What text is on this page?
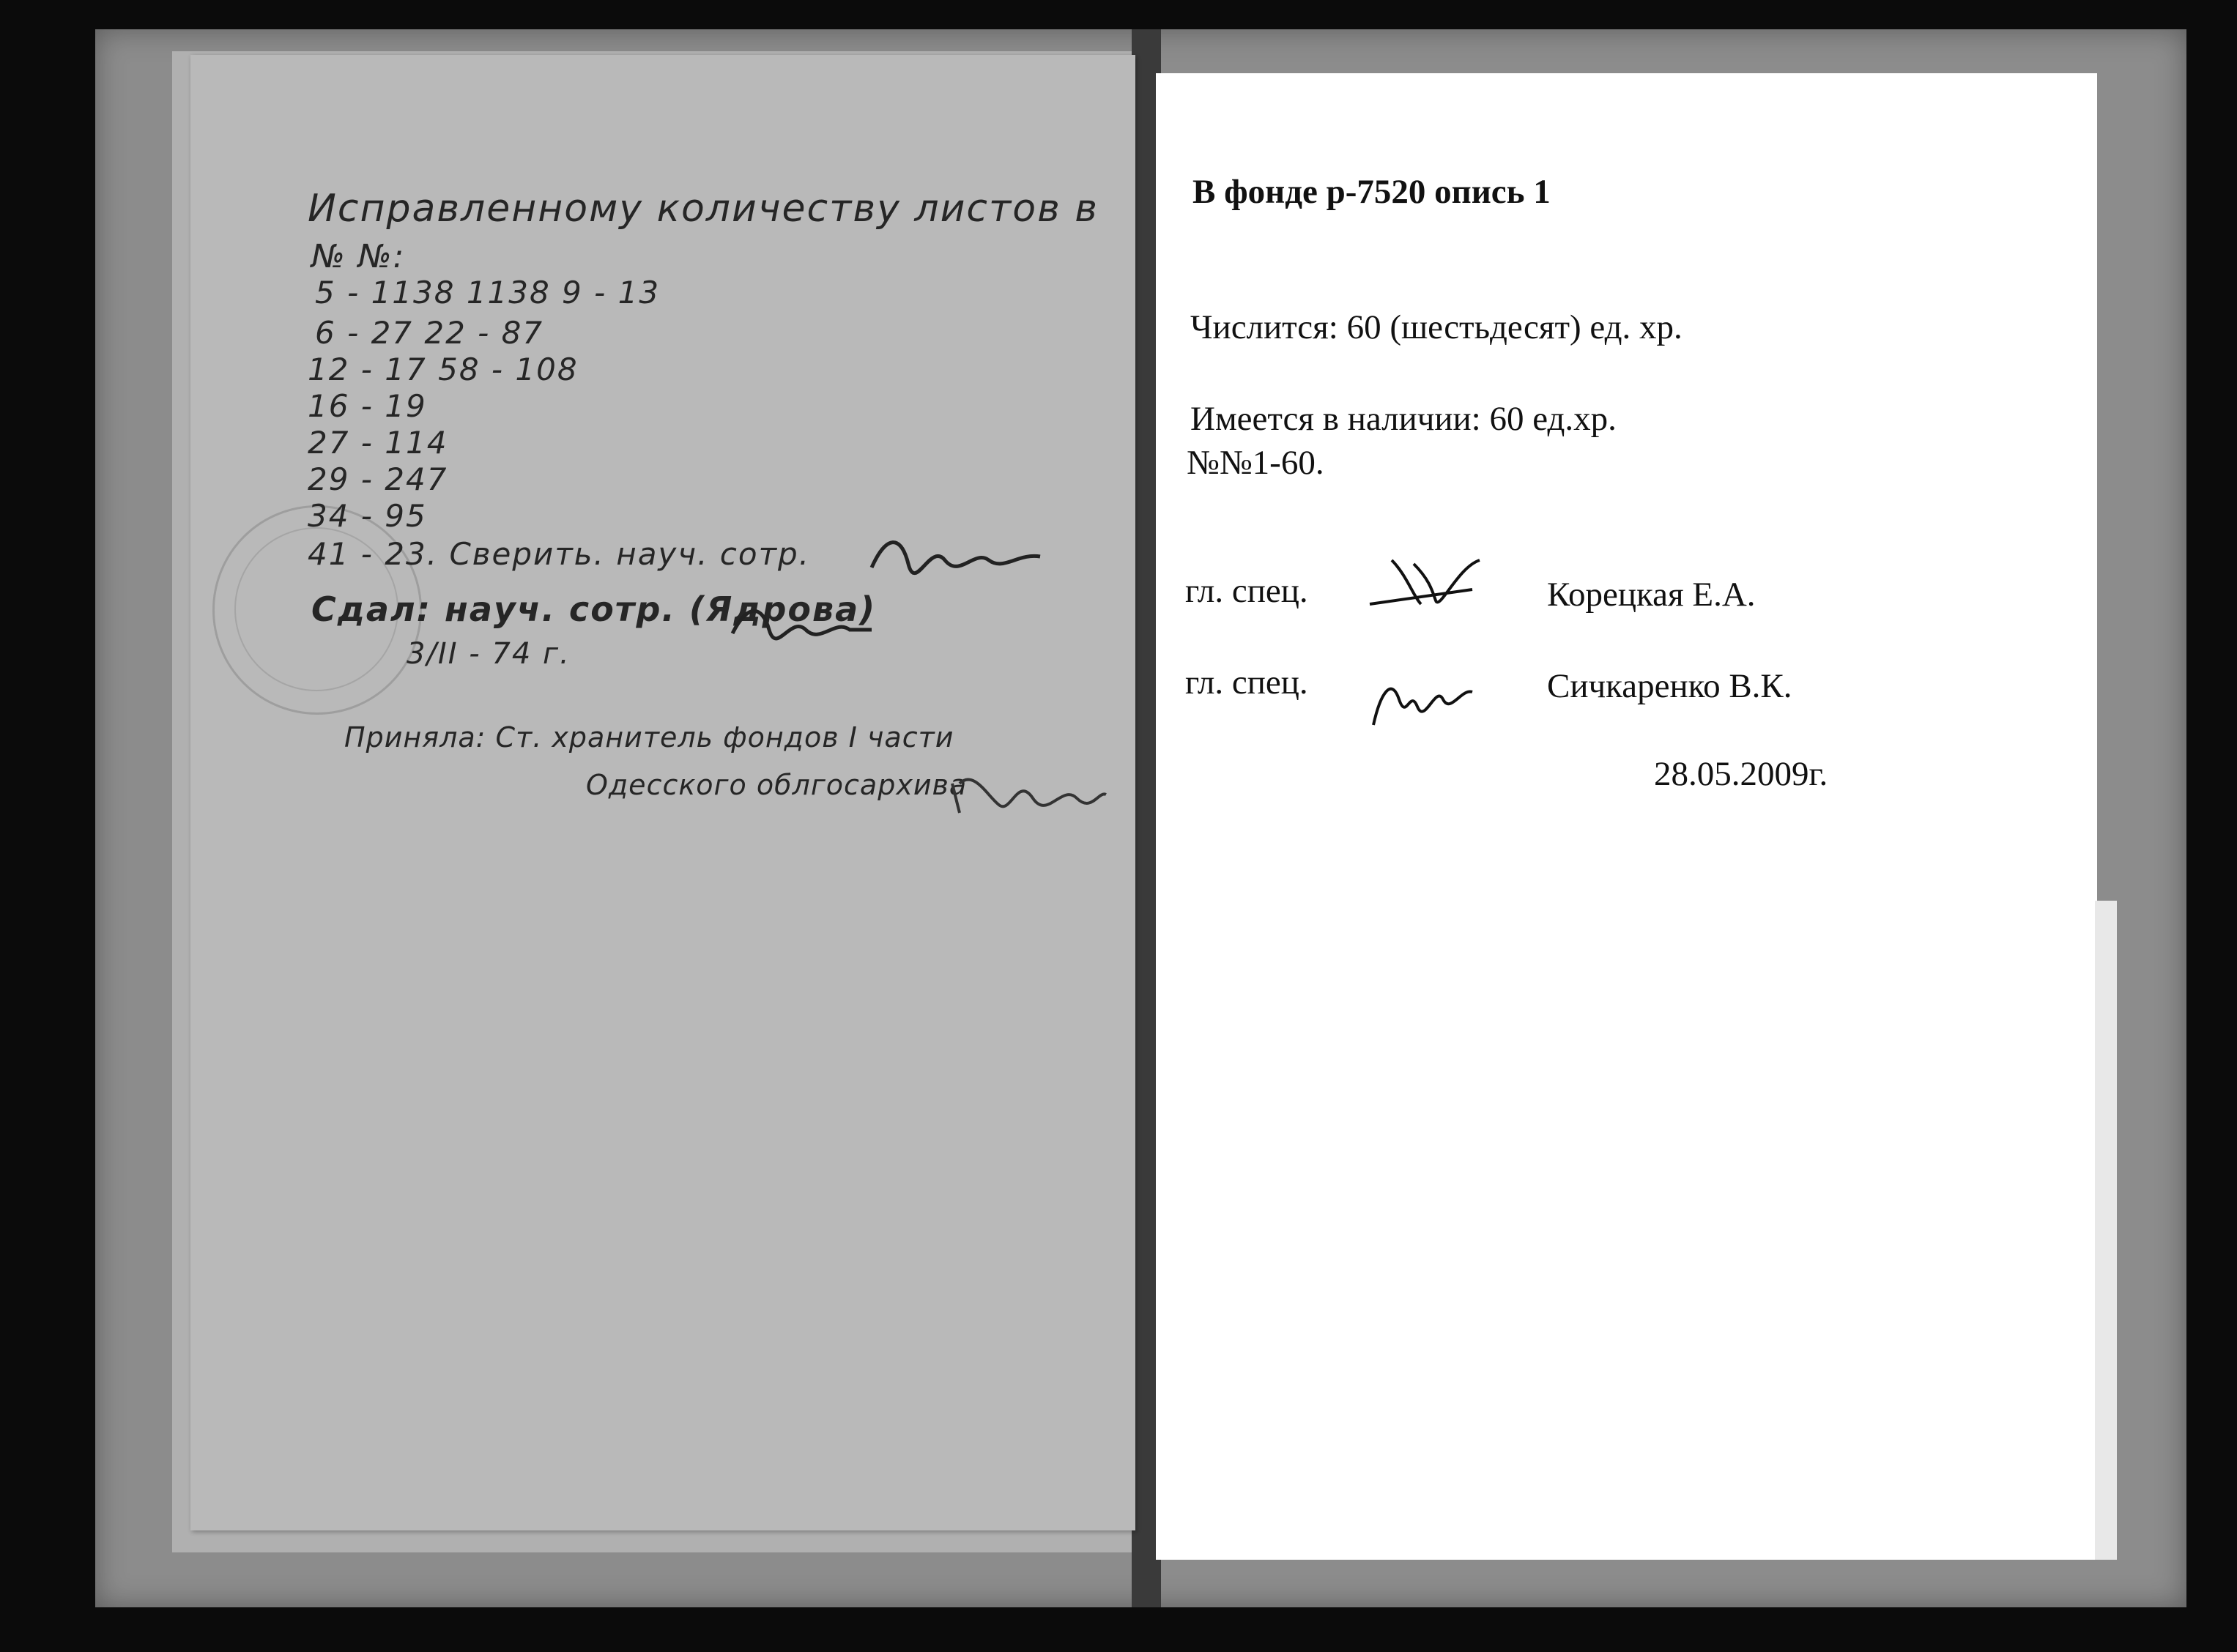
Исправленному количеству листов в
№ №:
5 - 1138 1138 9 - 13
6 - 27 22 - 87
12 - 17 58 - 108
16 - 19
27 - 114
29 - 247
34 - 95
41 - 23. Сверить. науч. сотр.
Сдал: науч. сотр. (Ядрова)
3/II - 74 г.
Приняла: Ст. хранитель фондов I части
Одесского облгосархива
В фонде р-7520 опись 1
Числится: 60 (шестьдесят) ед. хр.
Имеется в наличии: 60 ед.хр.
№№1-60.
гл. спец.	Корецкая Е.А.
гл. спец.	Сичкаренко В.К.
28.05.2009г.
